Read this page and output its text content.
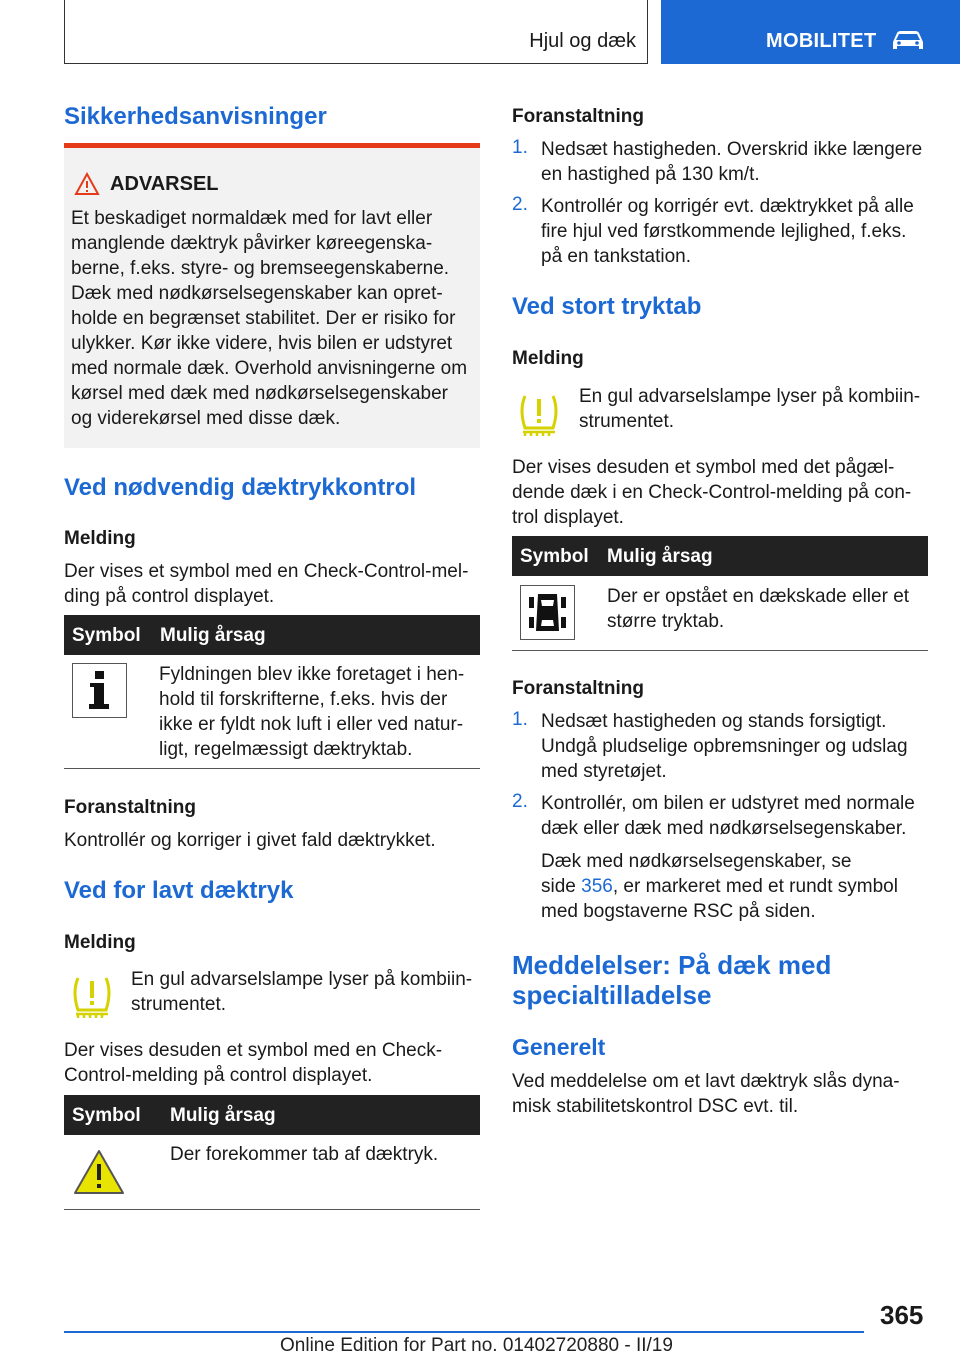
Hjul og dæk	MOBILITET
Sikkerhedsanvisninger
ADVARSEL
Et beskadiget normaldæk med for lavt eller
manglende dæktryk påvirker køreegenska-
berne, f.eks. styre- og bremseegenskaberne.
Dæk med nødkørselsegenskaber kan opret-
holde en begrænset stabilitet. Der er risiko for
ulykker. Kør ikke videre, hvis bilen er udstyret
med normale dæk. Overhold anvisningerne om
kørsel med dæk med nødkørselsegenskaber
og viderekørsel med disse dæk.
Ved nødvendig dæktrykkontrol
Melding
Der vises et symbol med en Check-Control-mel-
ding på control displayet.
Symbol Mulig årsag
Fyldningen blev ikke foretaget i hen-
hold til forskrifterne, f.eks. hvis der
ikke er fyldt nok luft i eller ved natur-
ligt, regelmæssigt dæktryktab.
Foranstaltning
Kontrollér og korriger i givet fald dæktrykket.
Ved for lavt dæktryk
Melding
En gul advarselslampe lyser på kombiin-
strumentet.
Der vises desuden et symbol med en Check-
Control-melding på control displayet.
Symbol Mulig årsag
Der forekommer tab af dæktryk.
Foranstaltning
1. Nedsæt hastigheden. Overskrid ikke længere
en hastighed på 130 km/t.
2. Kontrollér og korrigér evt. dæktrykket på alle
fire hjul ved førstkommende lejlighed, f.eks.
på en tankstation.
Ved stort tryktab
Melding
En gul advarselslampe lyser på kombiin-
strumentet.
Der vises desuden et symbol med det pågæl-
dende dæk i en Check-Control-melding på con-
trol displayet.
Symbol Mulig årsag
Der er opstået en dækskade eller et
større tryktab.
Foranstaltning
1. Nedsæt hastigheden og stands forsigtigt.
Undgå pludselige opbremsninger og udslag
med styretøjet.
2. Kontrollér, om bilen er udstyret med normale
dæk eller dæk med nødkørselsegenskaber.
Dæk med nødkørselsegenskaber, se
side 356, er markeret med et rundt symbol
med bogstaverne RSC på siden.
Meddelelser: På dæk med
specialtilladelse
Generelt
Ved meddelelse om et lavt dæktryk slås dyna-
misk stabilitetskontrol DSC evt. til.
365
Online Edition for Part no. 01402720880 - II/19
